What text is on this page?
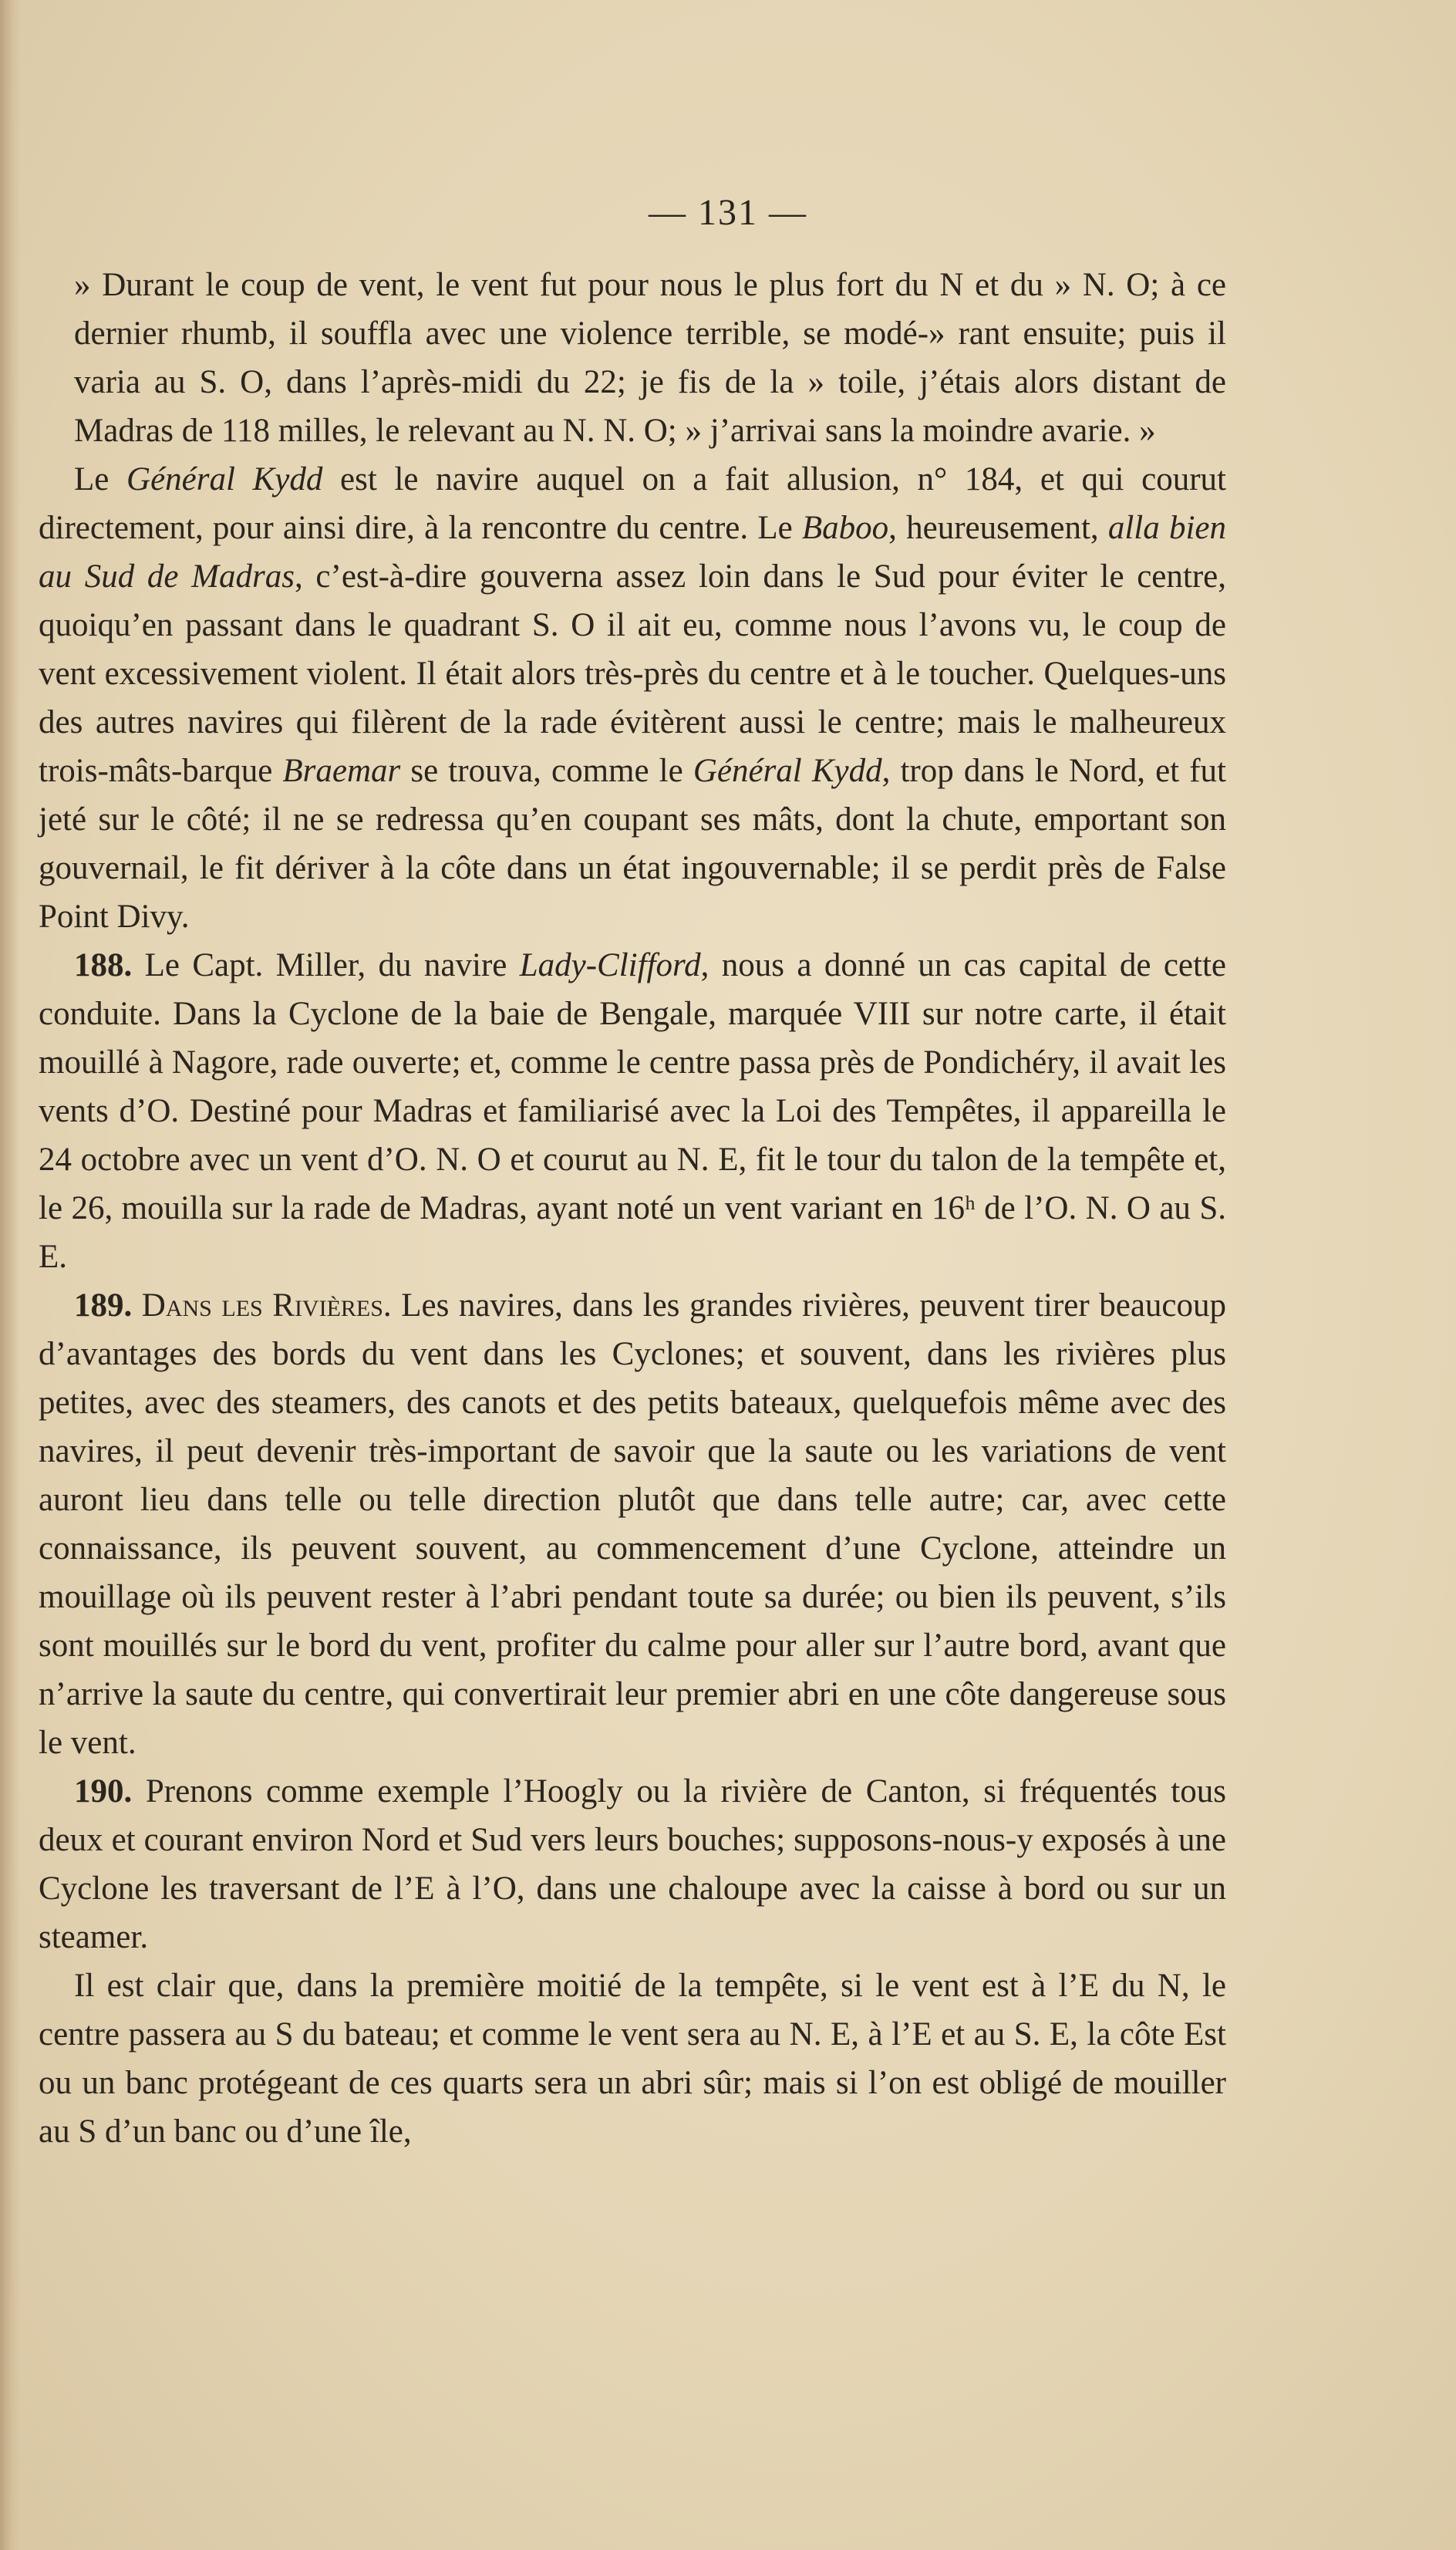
— 131 —

» Durant le coup de vent, le vent fut pour nous le plus fort du N et du » N. O; à ce dernier rhumb, il souffla avec une violence terrible, se modé-» rant ensuite; puis il varia au S. O, dans l’après-midi du 22; je fis de la » toile, j’étais alors distant de Madras de 118 milles, le relevant au N. N. O; » j’arrivai sans la moindre avarie. »

Le Général Kydd est le navire auquel on a fait allusion, n° 184, et qui courut directement, pour ainsi dire, à la rencontre du centre. Le Baboo, heureusement, alla bien au Sud de Madras, c’est-à-dire gouverna assez loin dans le Sud pour éviter le centre, quoiqu’en passant dans le quadrant S. O il ait eu, comme nous l’avons vu, le coup de vent excessivement violent. Il était alors très-près du centre et à le toucher. Quelques-uns des autres navires qui filèrent de la rade évitèrent aussi le centre; mais le malheureux trois-mâts-barque Braemar se trouva, comme le Général Kydd, trop dans le Nord, et fut jeté sur le côté; il ne se redressa qu’en coupant ses mâts, dont la chute, emportant son gouvernail, le fit dériver à la côte dans un état ingouvernable; il se perdit près de False Point Divy.

188. Le Capt. Miller, du navire Lady-Clifford, nous a donné un cas capital de cette conduite. Dans la Cyclone de la baie de Bengale, marquée VIII sur notre carte, il était mouillé à Nagore, rade ouverte; et, comme le centre passa près de Pondichéry, il avait les vents d’O. Destiné pour Madras et familiarisé avec la Loi des Tempêtes, il appareilla le 24 octobre avec un vent d’O. N. O et courut au N. E, fit le tour du talon de la tempête et, le 26, mouilla sur la rade de Madras, ayant noté un vent variant en 16ʰ de l’O. N. O au S. E.

189. Dans les Rivières. Les navires, dans les grandes rivières, peuvent tirer beaucoup d’avantages des bords du vent dans les Cyclones; et souvent, dans les rivières plus petites, avec des steamers, des canots et des petits bateaux, quelquefois même avec des navires, il peut devenir très-important de savoir que la saute ou les variations de vent auront lieu dans telle ou telle direction plutôt que dans telle autre; car, avec cette connaissance, ils peuvent souvent, au commencement d’une Cyclone, atteindre un mouillage où ils peuvent rester à l’abri pendant toute sa durée; ou bien ils peuvent, s’ils sont mouillés sur le bord du vent, profiter du calme pour aller sur l’autre bord, avant que n’arrive la saute du centre, qui convertirait leur premier abri en une côte dangereuse sous le vent.

190. Prenons comme exemple l’Hoogly ou la rivière de Canton, si fréquentés tous deux et courant environ Nord et Sud vers leurs bouches; supposons-nous-y exposés à une Cyclone les traversant de l’E à l’O, dans une chaloupe avec la caisse à bord ou sur un steamer.

Il est clair que, dans la première moitié de la tempête, si le vent est à l’E du N, le centre passera au S du bateau; et comme le vent sera au N. E, à l’E et au S. E, la côte Est ou un banc protégeant de ces quarts sera un abri sûr; mais si l’on est obligé de mouiller au S d’un banc ou d’une île,
